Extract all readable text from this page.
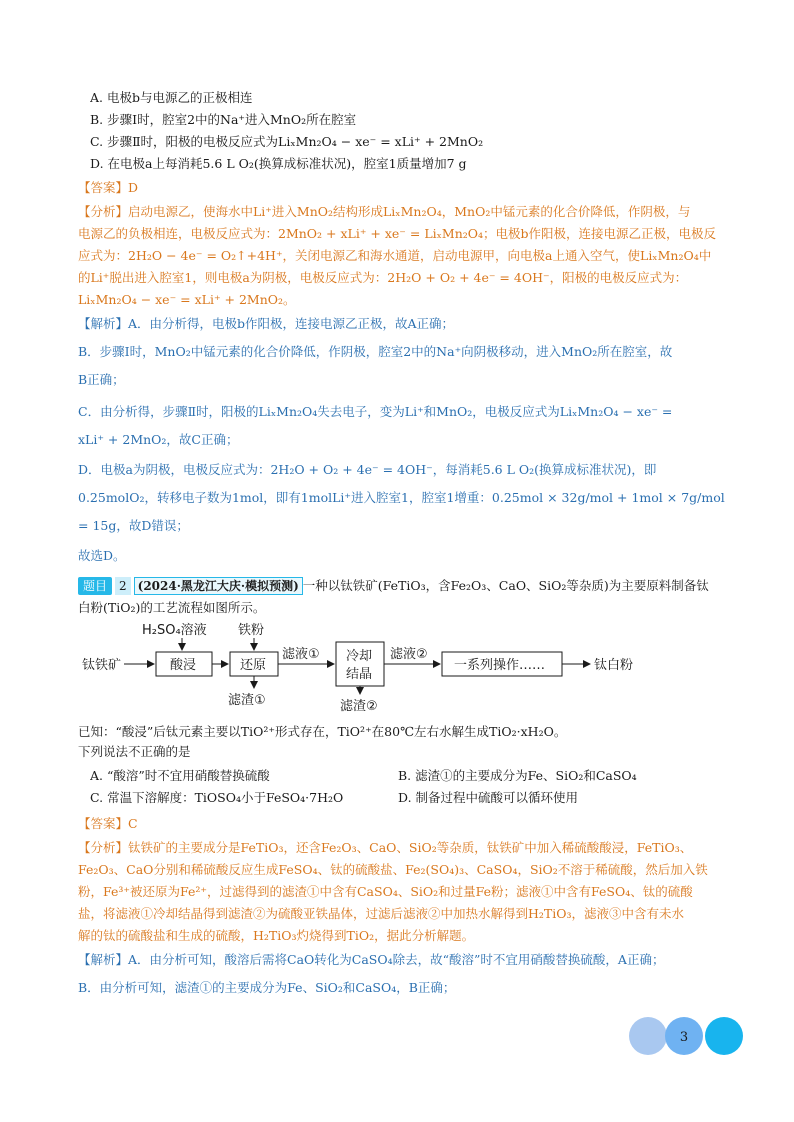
A. 电极b与电源乙的正极相连
B. 步骤Ⅰ时，腔室2中的Na⁺进入MnO₂所在腔室
C. 步骤Ⅱ时，阳极的电极反应式为LiₓMn₂O₄ − xe⁻ = xLi⁺ + 2MnO₂
D. 在电极a上每消耗5.6 L O₂(换算成标准状况)，腔室1质量增加7 g
【答案】D
【分析】启动电源乙，使海水中Li⁺进入MnO₂结构形成LiₓMn₂O₄，MnO₂中锰元素的化合价降低，作阴极，与
电源乙的负极相连，电极反应式为：2MnO₂ + xLi⁺ + xe⁻ = LiₓMn₂O₄；电极b作阳极，连接电源乙正极，电极反
应式为：2H₂O − 4e⁻ = O₂↑+4H⁺，关闭电源乙和海水通道，启动电源甲，向电极a上通入空气，使LiₓMn₂O₄中
的Li⁺脱出进入腔室1，则电极a为阴极，电极反应式为：2H₂O + O₂ + 4e⁻ = 4OH⁻，阳极的电极反应式为：
LiₓMn₂O₄ − xe⁻ = xLi⁺ + 2MnO₂。
【解析】A．由分析得，电极b作阳极，连接电源乙正极，故A正确；
B．步骤Ⅰ时，MnO₂中锰元素的化合价降低，作阴极，腔室2中的Na⁺向阴极移动，进入MnO₂所在腔室，故
B正确；
C．由分析得，步骤Ⅱ时，阳极的LiₓMn₂O₄失去电子，变为Li⁺和MnO₂，电极反应式为LiₓMn₂O₄ − xe⁻ =
xLi⁺ + 2MnO₂，故C正确；
D．电极a为阴极，电极反应式为：2H₂O + O₂ + 4e⁻ = 4OH⁻，每消耗5.6 L O₂(换算成标准状况)，即
0.25molO₂，转移电子数为1mol，即有1molLi⁺进入腔室1，腔室1增重：0.25mol × 32g/mol + 1mol × 7g/mol
= 15g，故D错误；
故选D。
题目 2 (2024·黑龙江大庆·模拟预测) 一种以钛铁矿(FeTiO₃，含Fe₂O₃、CaO、SiO₂等杂质)为主要原料制备钛
白粉(TiO₂)的工艺流程如图所示。
钛铁矿	酸浸
H₂SO₄溶液
还原
铁粉
滤渣①
滤液① 冷却
结晶
滤渣②
滤液②
一系列操作……	钛白粉
已知：“酸浸”后钛元素主要以TiO²⁺形式存在，TiO²⁺在80℃左右水解生成TiO₂·xH₂O。
下列说法不正确的是
A. “酸溶”时不宜用硝酸替换硫酸	B. 滤渣①的主要成分为Fe、SiO₂和CaSO₄
C. 常温下溶解度：TiOSO₄小于FeSO₄·7H₂O	D. 制备过程中硫酸可以循环使用
【答案】C
【分析】钛铁矿的主要成分是FeTiO₃，还含Fe₂O₃、CaO、SiO₂等杂质，钛铁矿中加入稀硫酸酸浸，FeTiO₃、
Fe₂O₃、CaO分别和稀硫酸反应生成FeSO₄、钛的硫酸盐、Fe₂(SO₄)₃、CaSO₄，SiO₂不溶于稀硫酸，然后加入铁
粉，Fe³⁺被还原为Fe²⁺，过滤得到的滤渣①中含有CaSO₄、SiO₂和过量Fe粉；滤液①中含有FeSO₄、钛的硫酸
盐，将滤液①冷却结晶得到滤渣②为硫酸亚铁晶体，过滤后滤液②中加热水解得到H₂TiO₃，滤液③中含有未水
解的钛的硫酸盐和生成的硫酸，H₂TiO₃灼烧得到TiO₂，据此分析解题。
【解析】A．由分析可知，酸溶后需将CaO转化为CaSO₄除去，故“酸溶”时不宜用硝酸替换硫酸，A正确；
B．由分析可知，滤渣①的主要成分为Fe、SiO₂和CaSO₄，B正确；
3
